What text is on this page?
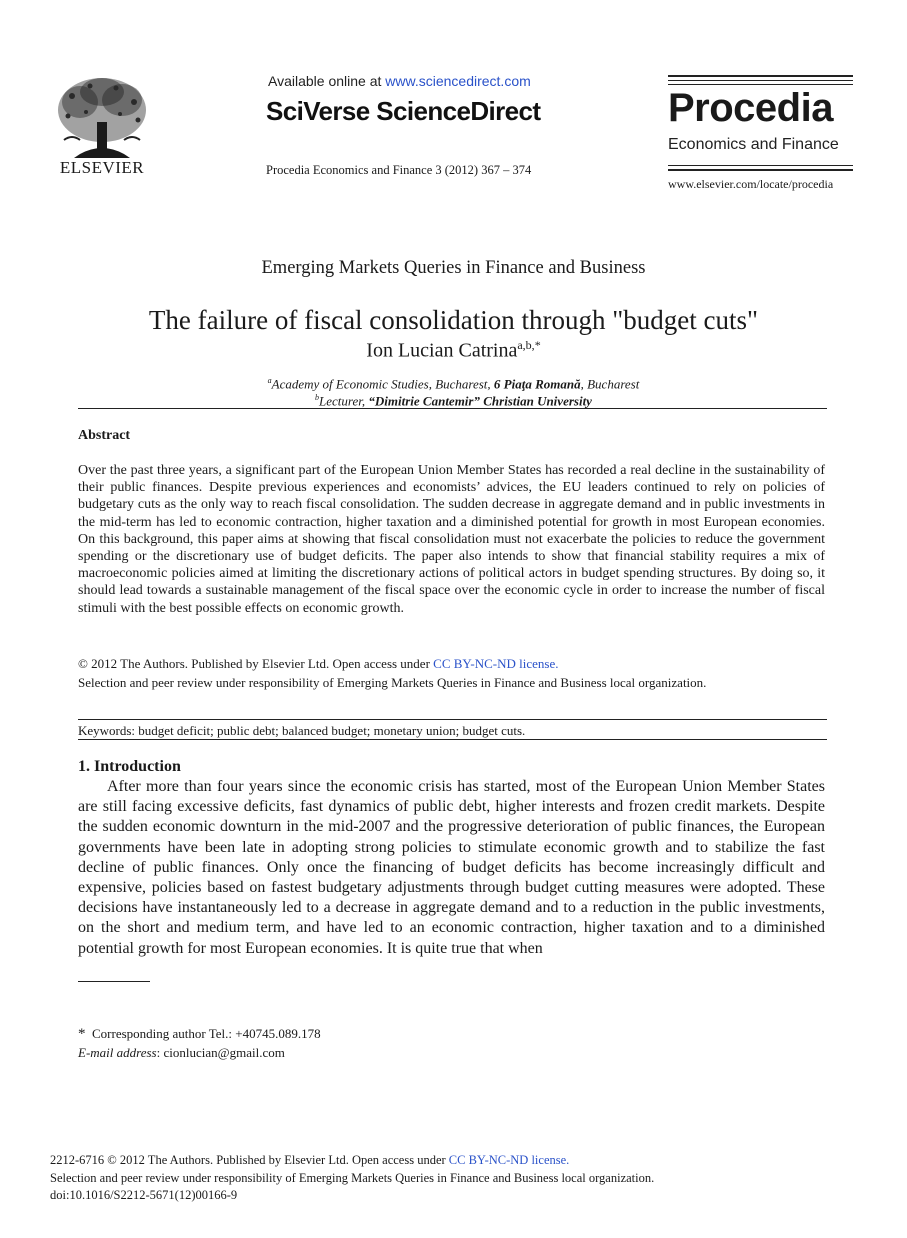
ELSEVIER
Available online at www.sciencedirect.com
SciVerse ScienceDirect
Procedia Economics and Finance 3 (2012) 367 – 374
Procedia
Economics and Finance
www.elsevier.com/locate/procedia
Emerging Markets Queries in Finance and Business
The failure of fiscal consolidation through "budget cuts"
Ion Lucian Catrina$^{a,b,*}$
$^a$Academy of Economic Studies, Bucharest, 6 Piaţa Romană, Bucharest
$^b$Lecturer, “Dimitrie Cantemir” Christian University
Abstract
Over the past three years, a significant part of the European Union Member States has recorded a real decline in the sustainability of their public finances. Despite previous experiences and economists’ advices, the EU leaders continued to rely on policies of budgetary cuts as the only way to reach fiscal consolidation. The sudden decrease in aggregate demand and in public investments in the mid-term has led to economic contraction, higher taxation and a diminished potential for growth in most European economies. On this background, this paper aims at showing that fiscal consolidation must not exacerbate the policies to reduce the government spending or the discretionary use of budget deficits. The paper also intends to show that financial stability requires a mix of macroeconomic policies aimed at limiting the discretionary actions of political actors in budget spending structures. By doing so, it should lead towards a sustainable management of the fiscal space over the economic cycle in order to increase the number of fiscal stimuli with the best possible effects on economic growth.
© 2012 The Authors. Published by Elsevier Ltd. Open access under CC BY-NC-ND license.
Selection and peer review under responsibility of Emerging Markets Queries in Finance and Business local organization.
Keywords: budget deficit; public debt; balanced budget; monetary union; budget cuts.
1. Introduction
After more than four years since the economic crisis has started, most of the European Union Member States are still facing excessive deficits, fast dynamics of public debt, higher interests and frozen credit markets. Despite the sudden economic downturn in the mid-2007 and the progressive deterioration of public finances, the European governments have been late in adopting strong policies to stimulate economic growth and to stabilize the fast decline of public finances. Only once the financing of budget deficits has become increasingly difficult and expensive, policies based on fastest budgetary adjustments through budget cutting measures were adopted. These decisions have instantaneously led to a decrease in aggregate demand and to a reduction in the public investments, on the short and medium term, and have led to an economic contraction, higher taxation and to a diminished potential growth for most European economies. It is quite true that when
* Corresponding author Tel.: +40745.089.178
E-mail address: cionlucian@gmail.com
2212-6716 © 2012 The Authors. Published by Elsevier Ltd. Open access under CC BY-NC-ND license.
Selection and peer review under responsibility of Emerging Markets Queries in Finance and Business local organization.
doi:10.1016/S2212-5671(12)00166-9
